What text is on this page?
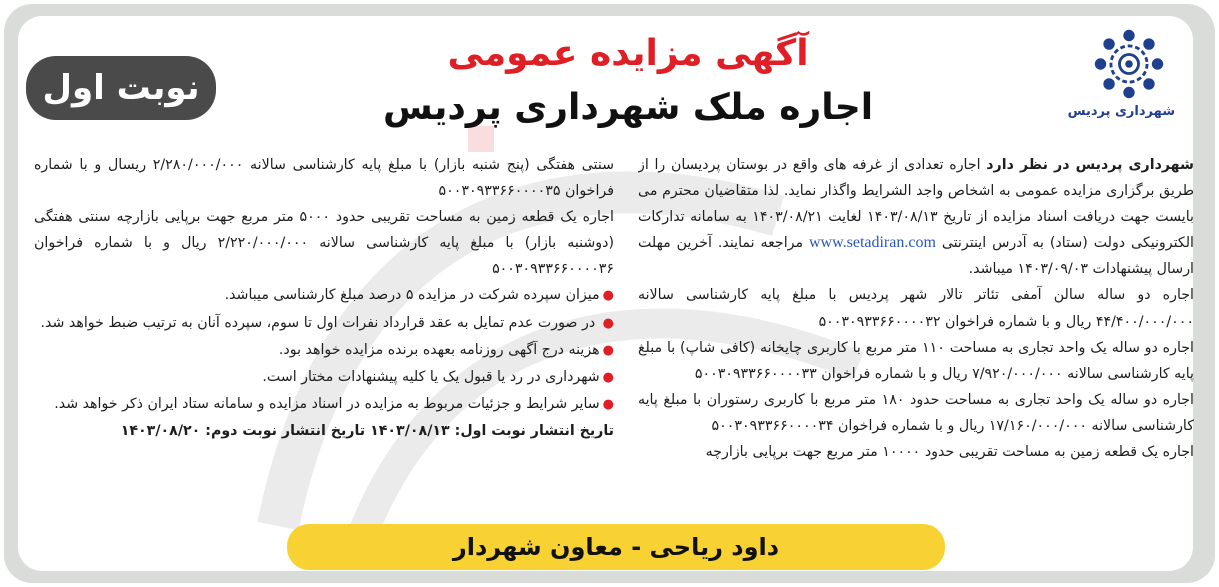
شهرداری پردیس
آگهی مزایده عمومی
اجاره ملک شهرداری پردیس
نوبت اول

شهرداری پردیس در نظر دارد اجاره تعدادی از غرفه های واقع در بوستان پردیسان را از طریق برگزاری مزایده عمومی به اشخاص واجد الشرایط واگذار نماید. لذا متقاضیان محترم می بایست جهت دریافت اسناد مزایده از تاریخ ۱۴۰۳/۰۸/۱۳ لغایت ۱۴۰۳/۰۸/۲۱ به سامانه تدارکات الکترونیکی دولت (ستاد) به آدرس اینترنتی www.setadiran.com مراجعه نمایند. آخرین مهلت ارسال پیشنهادات ۱۴۰۳/۰۹/۰۳ میباشد.

اجاره دو ساله سالن آمفی تئاتر تالار شهر پردیس با مبلغ پایه کارشناسی سالانه ۴۴/۴۰۰/۰۰۰/۰۰۰ ریال و با شماره فراخوان ۵۰۰۳۰۹۳۳۶۶۰۰۰۰۳۲

اجاره دو ساله یک واحد تجاری به مساحت ۱۱۰ متر مربع با کاربری چایخانه (کافی شاپ) با مبلغ پایه کارشناسی سالانه ۷/۹۲۰/۰۰۰/۰۰۰ ریال و با شماره فراخوان ۵۰۰۳۰۹۳۳۶۶۰۰۰۰۳۳

اجاره دو ساله یک واحد تجاری به مساحت حدود ۱۸۰ متر مربع با کاربری رستوران با مبلغ پایه کارشناسی سالانه ۱۷/۱۶۰/۰۰۰/۰۰۰ ریال و با شماره فراخوان ۵۰۰۳۰۹۳۳۶۶۰۰۰۰۳۴

اجاره یک قطعه زمین به مساحت تقریبی حدود ۱۰۰۰۰ متر مربع جهت برپایی بازارچه

سنتی هفتگی (پنج شنبه بازار) با مبلغ پایه کارشناسی سالانه ۲/۲۸۰/۰۰۰/۰۰۰ ریسال و با شماره فراخوان ۵۰۰۳۰۹۳۳۶۶۰۰۰۰۳۵

اجاره یک قطعه زمین به مساحت تقریبی حدود ۵۰۰۰ متر مربع جهت برپایی بازارچه سنتی هفتگی (دوشنبه بازار) با مبلغ پایه کارشناسی سالانه ۲/۲۲۰/۰۰۰/۰۰۰ ریال و با شماره فراخوان ۵۰۰۳۰۹۳۳۶۶۰۰۰۰۳۶

●میزان سپرده شرکت در مزایده ۵ درصد مبلغ کارشناسی میباشد.

● در صورت عدم تمایل به عقد قرارداد نفرات اول تا سوم، سپرده آنان به ترتیب ضبط خواهد شد.

●هزینه درج آگهی روزنامه بعهده برنده مزایده خواهد بود.

●شهرداری در رد یا قبول یک یا کلیه پیشنهادات مختار است.

●سایر شرایط و جزئیات مربوط به مزایده در اسناد مزایده و سامانه ستاد ایران ذکر خواهد شد.

تاریخ انتشار نوبت اول: ۱۴۰۳/۰۸/۱۳ تاریخ انتشار نوبت دوم: ۱۴۰۳/۰۸/۲۰

داود ریاحی - معاون شهردار
